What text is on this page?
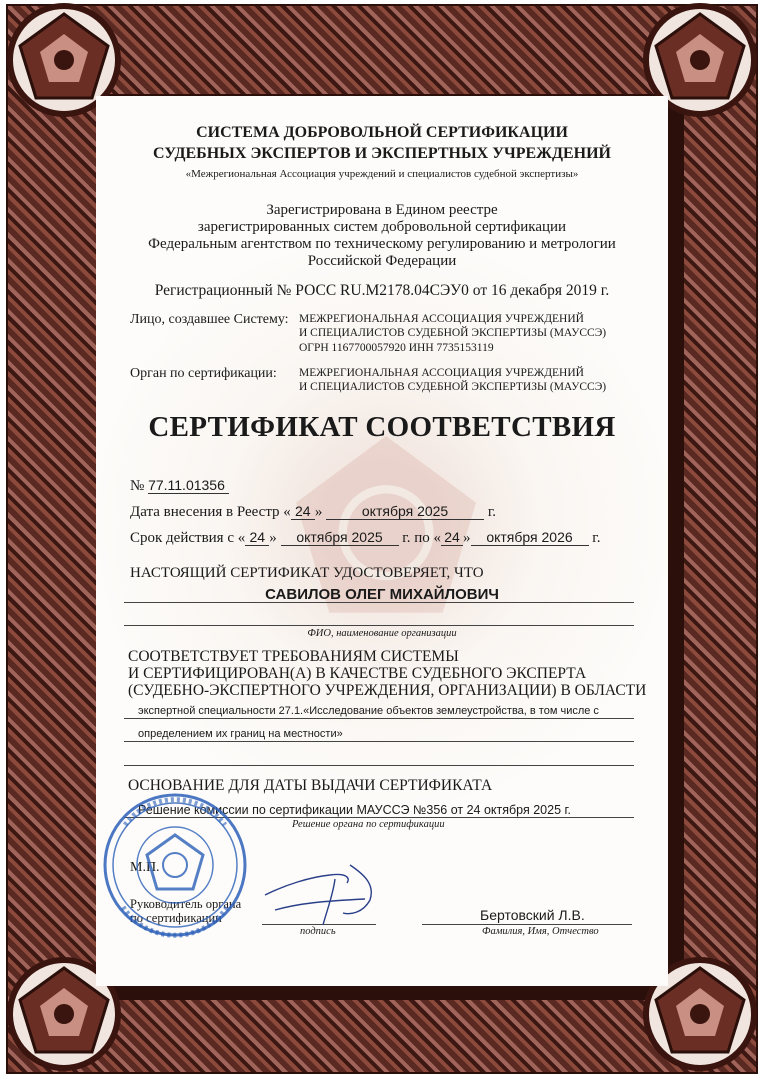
СИСТЕМА ДОБРОВОЛЬНОЙ СЕРТИФИКАЦИИ
СУДЕБНЫХ ЭКСПЕРТОВ И ЭКСПЕРТНЫХ УЧРЕЖДЕНИЙ
«Межрегиональная Ассоциация учреждений и специалистов судебной экспертизы»
Зарегистрирована в Едином реестре
зарегистрированных систем добровольной сертификации
Федеральным агентством по техническому регулированию и метрологии
Российской Федерации
Регистрационный № РОСС RU.M2178.04СЭУ0 от 16 декабря 2019 г.
Лицо, создавшее Систему: МЕЖРЕГИОНАЛЬНАЯ АССОЦИАЦИЯ УЧРЕЖДЕНИЙ
И СПЕЦИАЛИСТОВ СУДЕБНОЙ ЭКСПЕРТИЗЫ (МАУССЭ)
ОГРН 1167700057920 ИНН 7735153119
Орган по сертификации: МЕЖРЕГИОНАЛЬНАЯ АССОЦИАЦИЯ УЧРЕЖДЕНИЙ
И СПЕЦИАЛИСТОВ СУДЕБНОЙ ЭКСПЕРТИЗЫ (МАУССЭ)
СЕРТИФИКАТ СООТВЕТСТВИЯ
№ 77.11.01356
Дата внесения в Реестр « 24 »	октября 2025	г.
Срок действия с « 24 » октября 2025 г. по « 24 » октября 2026 г.
НАСТОЯЩИЙ СЕРТИФИКАТ УДОСТОВЕРЯЕТ, ЧТО
САВИЛОВ ОЛЕГ МИХАЙЛОВИЧ
ФИО, наименование организации
СООТВЕТСТВУЕТ ТРЕБОВАНИЯМ СИСТЕМЫ
И СЕРТИФИЦИРОВАН(А) В КАЧЕСТВЕ СУДЕБНОГО ЭКСПЕРТА
(СУДЕБНО-ЭКСПЕРТНОГО УЧРЕЖДЕНИЯ, ОРГАНИЗАЦИИ) В ОБЛАСТИ
экспертной специальности 27.1.«Исследование объектов землеустройства, в том числе с
определением их границ на местности»
ОСНОВАНИЕ ДЛЯ ДАТЫ ВЫДАЧИ СЕРТИФИКАТА
Решение комиссии по сертификации МАУССЭ №356 от 24 октября 2025 г.
Решение органа по сертификации
М.П.
Руководитель органа
по сертификации
подпись
Бертовский Л.В.
Фамилия, Имя, Отчество
